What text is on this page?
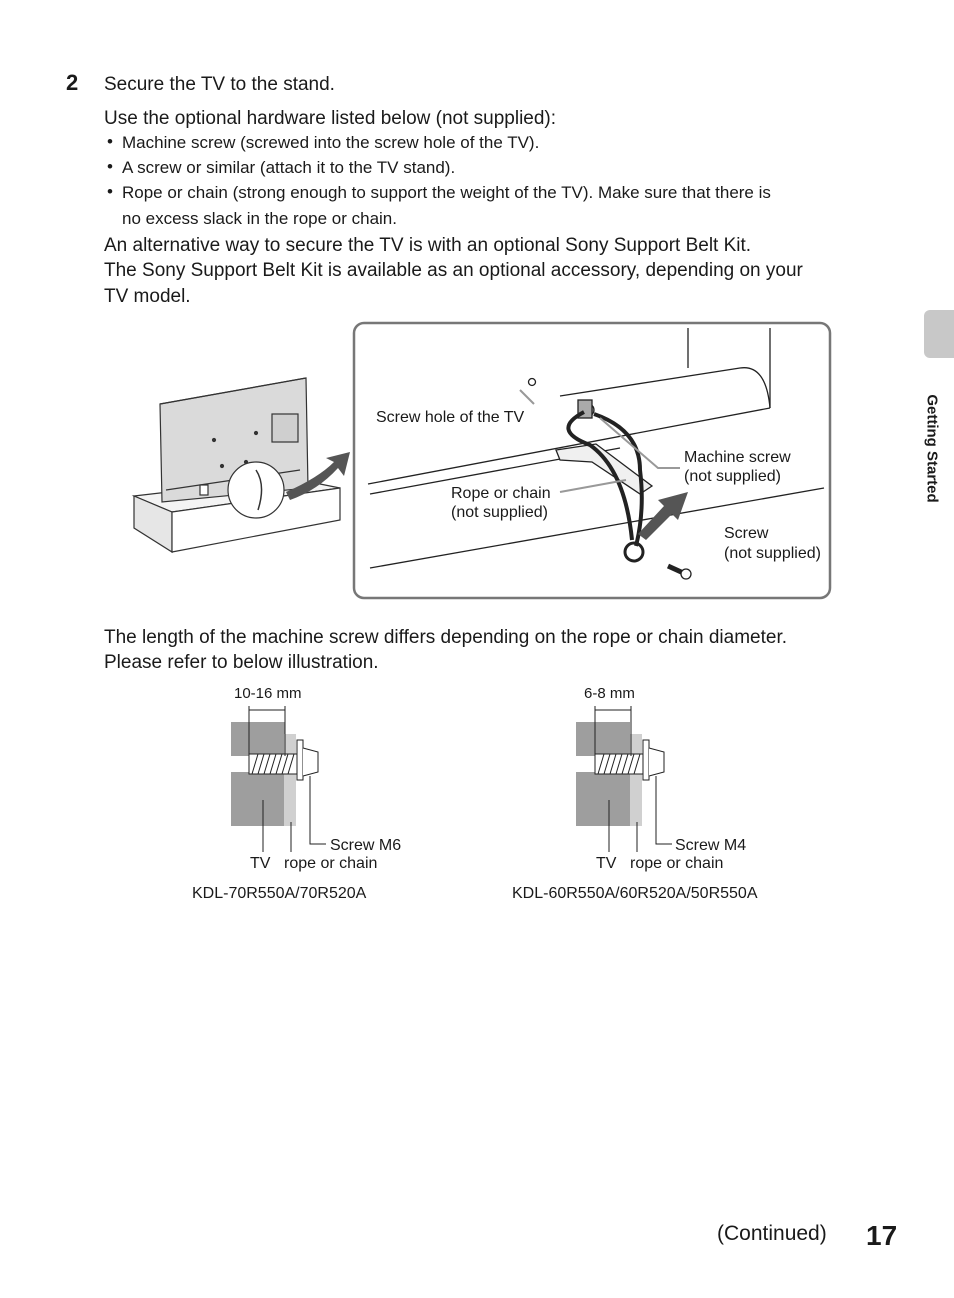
2 Secure the TV to the stand.
Use the optional hardware listed below (not supplied):
• Machine screw (screwed into the screw hole of the TV).
• A screw or similar (attach it to the TV stand).
• Rope or chain (strong enough to support the weight of the TV). Make sure that there is
no excess slack in the rope or chain.
An alternative way to secure the TV is with an optional Sony Support Belt Kit.
The Sony Support Belt Kit is available as an optional accessory, depending on your
TV model.
Screw hole of the TV
Machine screw
(not supplied)
Rope or chain
(not supplied)
Screw
(not supplied)
The length of the machine screw differs depending on the rope or chain diameter.
Please refer to below illustration.
10-16 mm
Screw M6
TV rope or chain
KDL-70R550A/70R520A
6-8 mm
Screw M4
TV rope or chain
KDL-60R550A/60R520A/50R550A
Getting Started
(Continued) 17
